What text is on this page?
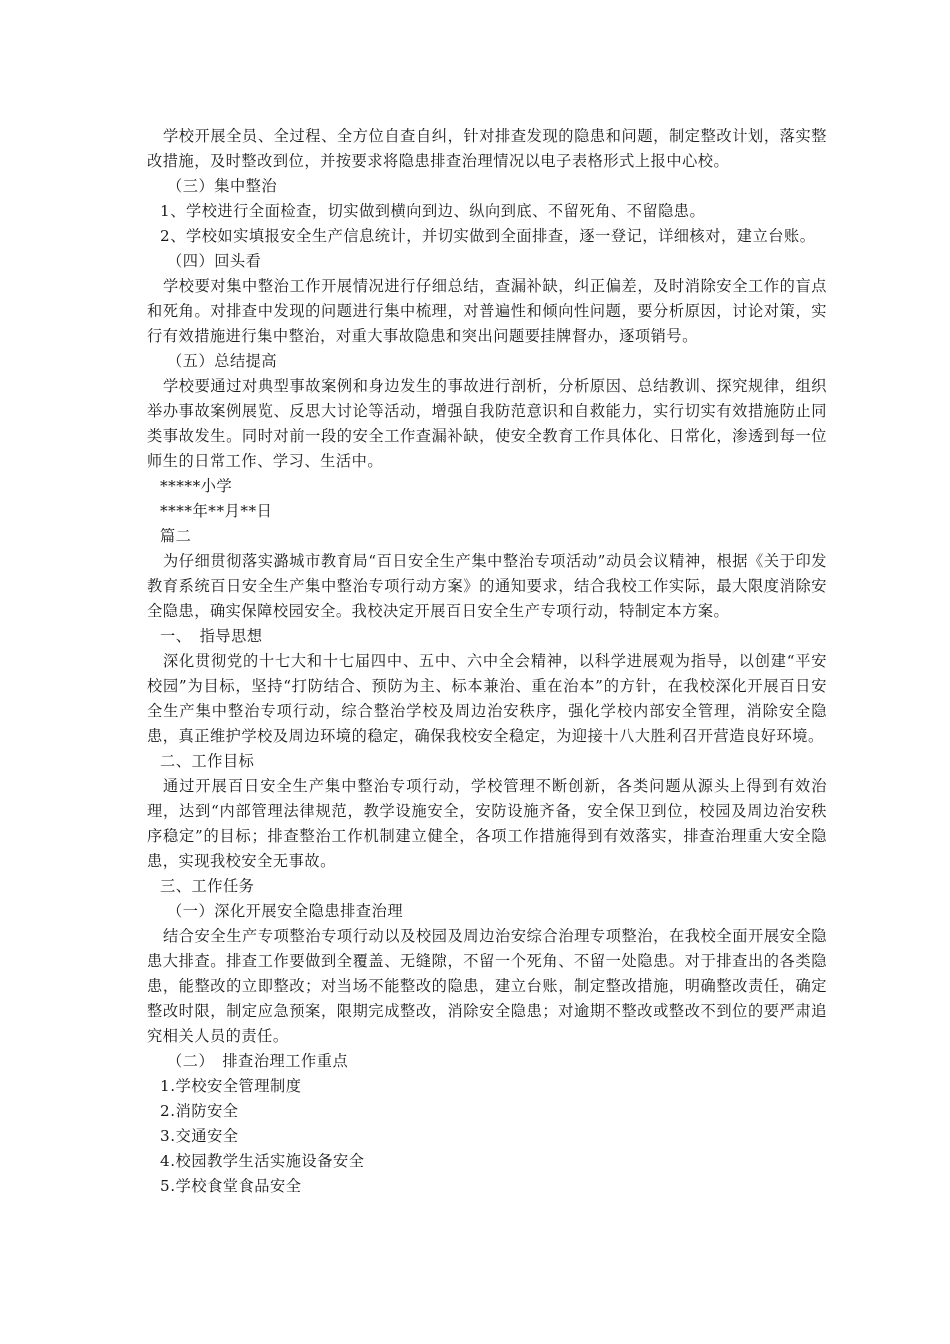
学校开展全员、全过程、全方位自查自纠，针对排查发现的隐患和问题，制定整改计划，落实整改措施，及时整改到位，并按要求将隐患排查治理情况以电子表格形式上报中心校。

（三）集中整治

1、学校进行全面检查，切实做到横向到边、纵向到底、不留死角、不留隐患。

2、学校如实填报安全生产信息统计，并切实做到全面排查，逐一登记，详细核对，建立台账。

（四）回头看

学校要对集中整治工作开展情况进行仔细总结，查漏补缺，纠正偏差，及时消除安全工作的盲点和死角。对排查中发现的问题进行集中梳理，对普遍性和倾向性问题，要分析原因，讨论对策，实行有效措施进行集中整治，对重大事故隐患和突出问题要挂牌督办，逐项销号。

（五）总结提高

学校要通过对典型事故案例和身边发生的事故进行剖析，分析原因、总结教训、探究规律，组织举办事故案例展览、反思大讨论等活动，增强自我防范意识和自救能力，实行切实有效措施防止同类事故发生。同时对前一段的安全工作查漏补缺，使安全教育工作具体化、日常化，渗透到每一位师生的日常工作、学习、生活中。

*****小学

****年**月**日

篇二

为仔细贯彻落实潞城市教育局“百日安全生产集中整治专项活动”动员会议精神，根据《关于印发教育系统百日安全生产集中整治专项行动方案》的通知要求，结合我校工作实际，最大限度消除安全隐患，确实保障校园安全。我校决定开展百日安全生产专项行动，特制定本方案。

一、　指导思想

深化贯彻党的十七大和十七届四中、五中、六中全会精神，以科学进展观为指导，以创建“平安校园”为目标，坚持“打防结合、预防为主、标本兼治、重在治本”的方针，在我校深化开展百日安全生产集中整治专项行动，综合整治学校及周边治安秩序，强化学校内部安全管理，消除安全隐患，真正维护学校及周边环境的稳定，确保我校安全稳定，为迎接十八大胜利召开营造良好环境。

二、工作目标

通过开展百日安全生产集中整治专项行动，学校管理不断创新，各类问题从源头上得到有效治理，达到“内部管理法律规范，教学设施安全，安防设施齐备，安全保卫到位，校园及周边治安秩序稳定”的目标；排查整治工作机制建立健全，各项工作措施得到有效落实，排查治理重大安全隐患，实现我校安全无事故。

三、工作任务

（一）深化开展安全隐患排查治理

结合安全生产专项整治专项行动以及校园及周边治安综合治理专项整治，在我校全面开展安全隐患大排查。排查工作要做到全覆盖、无缝隙，不留一个死角、不留一处隐患。对于排查出的各类隐患，能整改的立即整改；对当场不能整改的隐患，建立台账，制定整改措施，明确整改责任，确定整改时限，制定应急预案，限期完成整改，消除安全隐患；对逾期不整改或整改不到位的要严肃追究相关人员的责任。

（二）　排查治理工作重点

1.学校安全管理制度

2.消防安全

3.交通安全

4.校园教学生活实施设备安全

5.学校食堂食品安全
